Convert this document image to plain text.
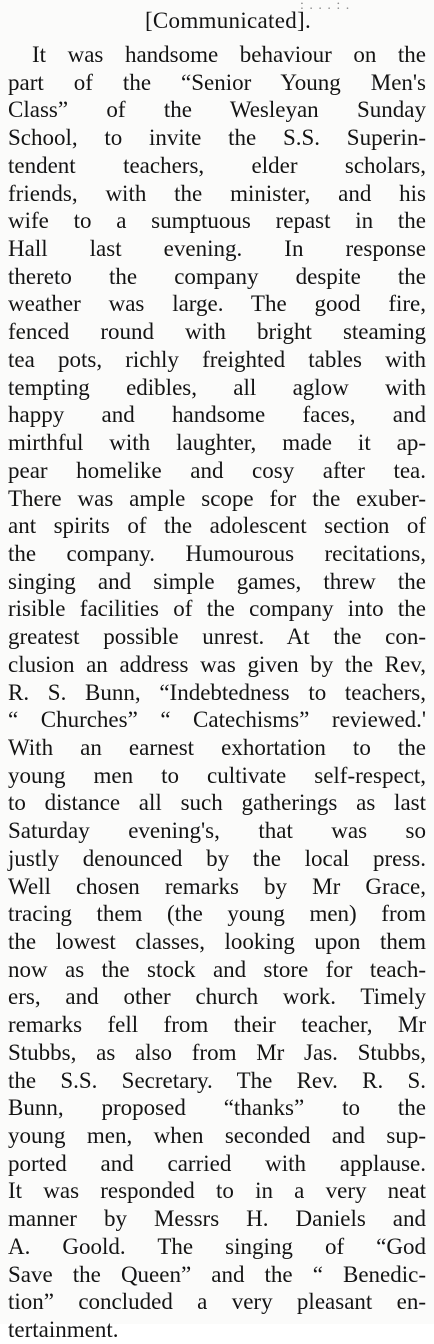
: . . . : .
[Communicated].
It was handsome behaviour on the
part of the “Senior Young Men's
Class” of the Wesleyan Sunday
School, to invite the S.S. Superin-
tendent teachers, elder scholars,
friends, with the minister, and his
wife to a sumptuous repast in the
Hall last evening. In response
thereto the company despite the
weather was large. The good fire,
fenced round with bright steaming
tea pots, richly freighted tables with
tempting edibles, all aglow with
happy and handsome faces, and
mirthful with laughter, made it ap-
pear homelike and cosy after tea.
There was ample scope for the exuber-
ant spirits of the adolescent section of
the company. Humourous recitations,
singing and simple games, threw the
risible facilities of the company into the
greatest possible unrest. At the con-
clusion an address was given by the Rev,
R. S. Bunn, “Indebtedness to teachers,
“ Churches” “ Catechisms” reviewed.'
With an earnest exhortation to the
young men to cultivate self-respect,
to distance all such gatherings as last
Saturday evening's, that was so
justly denounced by the local press.
Well chosen remarks by Mr Grace,
tracing them (the young men) from
the lowest classes, looking upon them
now as the stock and store for teach-
ers, and other church work. Timely
remarks fell from their teacher, Mr
Stubbs, as also from Mr Jas. Stubbs,
the S.S. Secretary. The Rev. R. S.
Bunn, proposed “thanks” to the
young men, when seconded and sup-
ported and carried with applause.
It was responded to in a very neat
manner by Messrs H. Daniels and
A. Goold. The singing of “God
Save the Queen” and the “ Benedic-
tion” concluded a very pleasant en-
tertainment.
